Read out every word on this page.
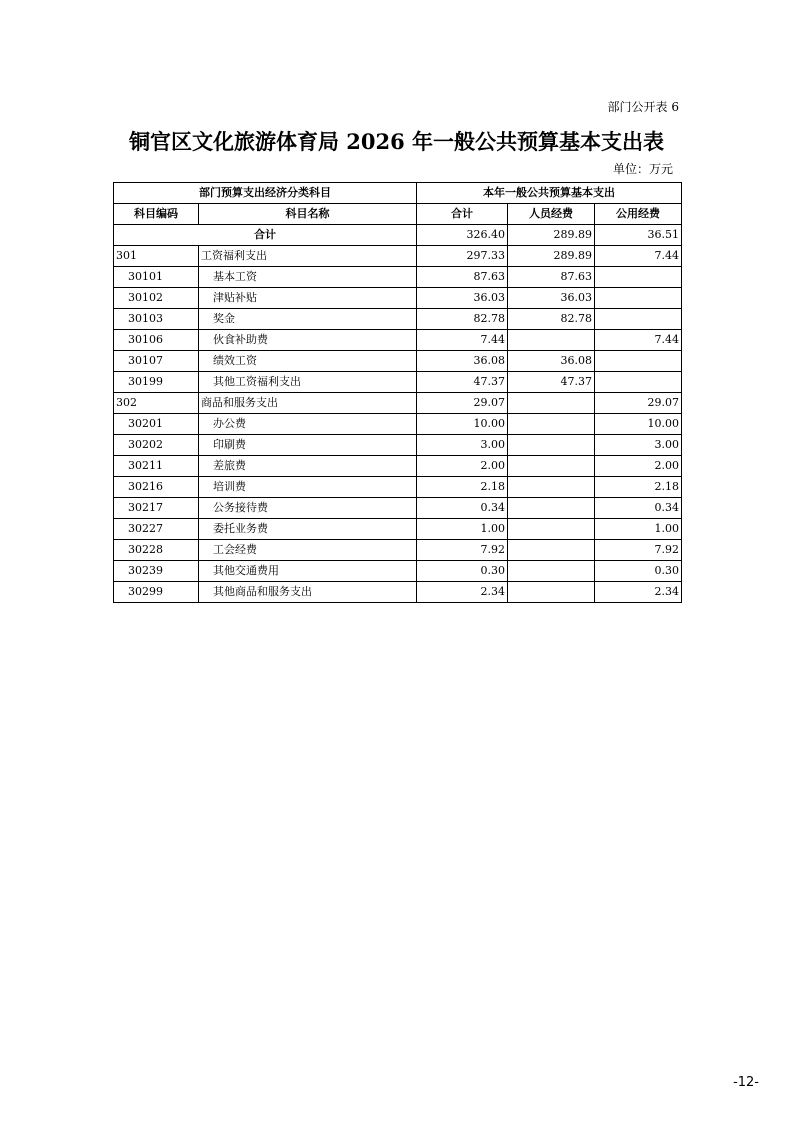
部门公开表 6
铜官区文化旅游体育局 2026 年一般公共预算基本支出表
单位：万元
部门预算支出经济分类科目		本年一般公共预算基本支出		
科目编码	科目名称	合计	人员经费	公用经费
合计		326.40	289.89	36.51
301	工资福利支出	297.33	289.89	7.44
30101	基本工资	87.63	87.63	
30102	津贴补贴	36.03	36.03	
30103	奖金	82.78	82.78	
30106	伙食补助费	7.44		7.44
30107	绩效工资	36.08	36.08	
30199	其他工资福利支出	47.37	47.37	
302	商品和服务支出	29.07		29.07
30201	办公费	10.00		10.00
30202	印刷费	3.00		3.00
30211	差旅费	2.00		2.00
30216	培训费	2.18		2.18
30217	公务接待费	0.34		0.34
30227	委托业务费	1.00		1.00
30228	工会经费	7.92		7.92
30239	其他交通费用	0.30		0.30
30299	其他商品和服务支出	2.34		2.34
-12-
